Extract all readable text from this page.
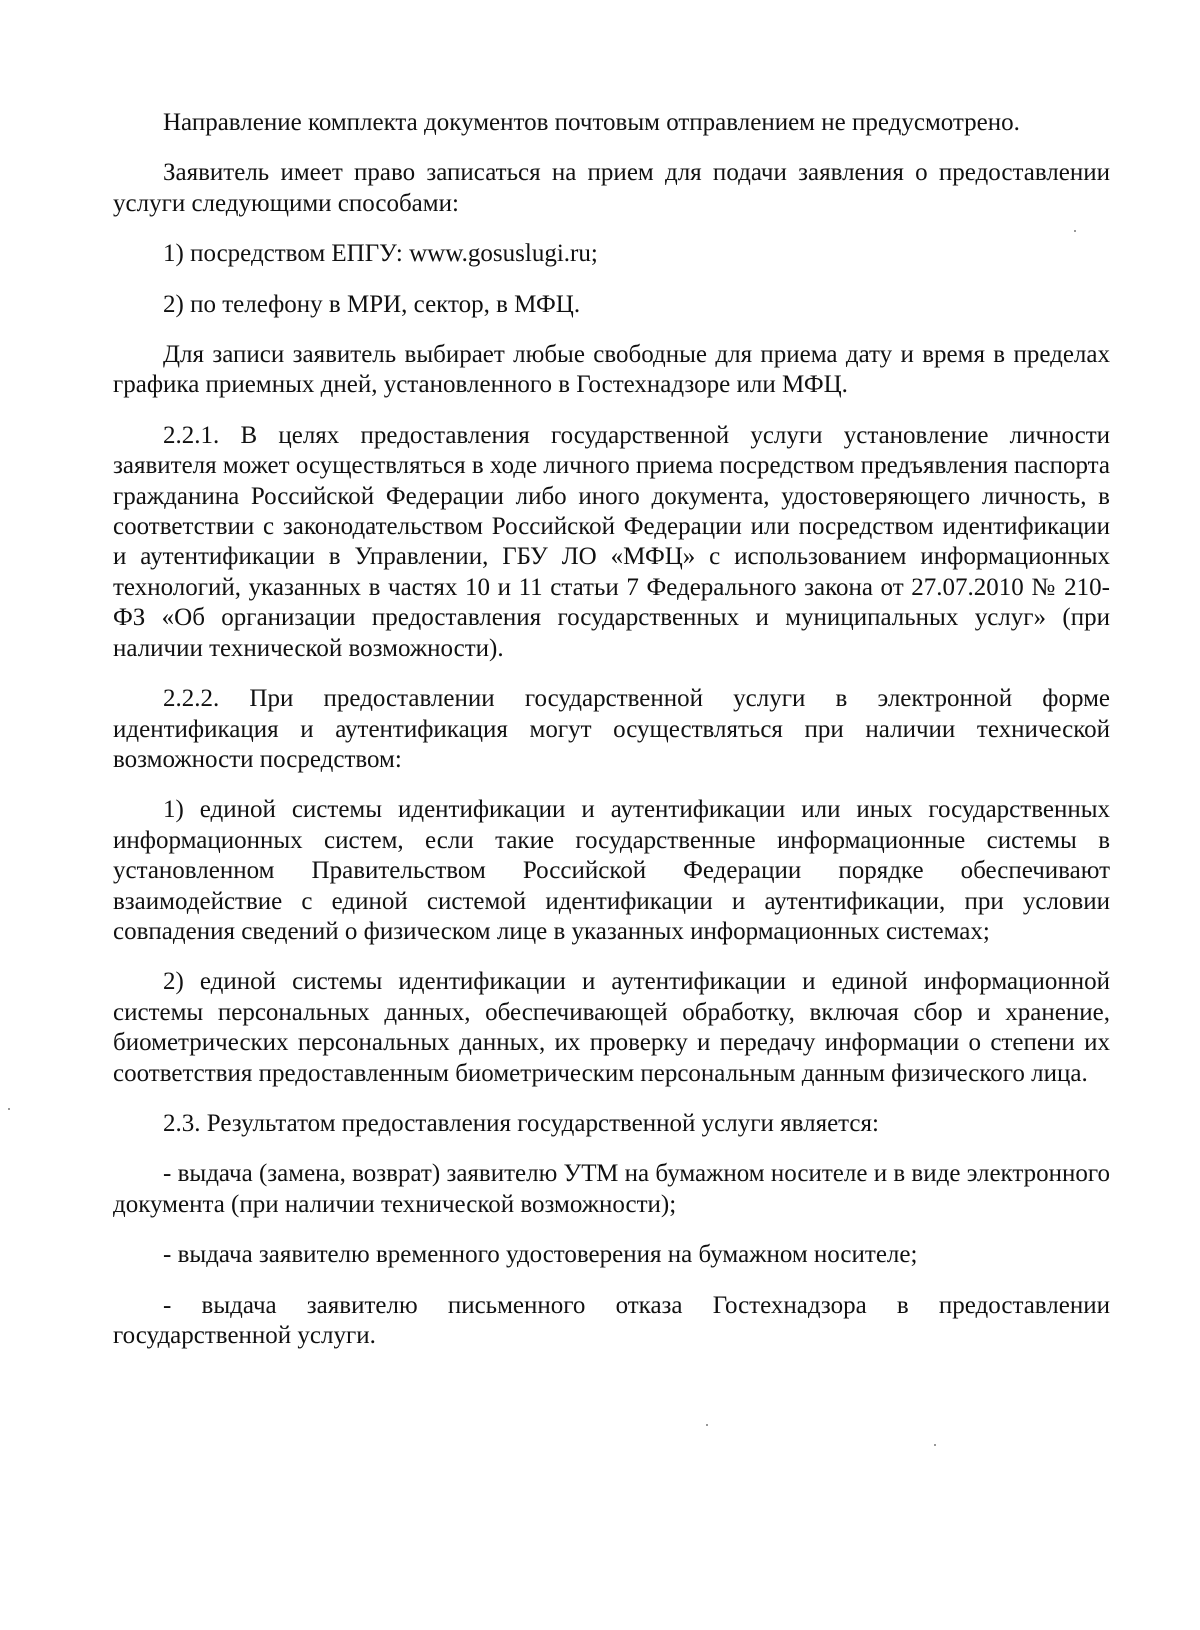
Направление комплекта документов почтовым отправлением не предусмотрено.

Заявитель имеет право записаться на прием для подачи заявления о предоставлении услуги следующими способами:

1) посредством ЕПГУ: www.gosuslugi.ru;

2) по телефону в МРИ, сектор, в МФЦ.

Для записи заявитель выбирает любые свободные для приема дату и время в пределах графика приемных дней, установленного в Гостехнадзоре или МФЦ.

2.2.1. В целях предоставления государственной услуги установление личности заявителя может осуществляться в ходе личного приема посредством предъявления паспорта гражданина Российской Федерации либо иного документа, удостоверяющего личность, в соответствии с законодательством Российской Федерации или посредством идентификации и аутентификации в Управлении, ГБУ ЛО «МФЦ» с использованием информационных технологий, указанных в частях 10 и 11 статьи 7 Федерального закона от 27.07.2010 № 210-ФЗ «Об организации предоставления государственных и муниципальных услуг» (при наличии технической возможности).

2.2.2. При предоставлении государственной услуги в электронной форме идентификация и аутентификация могут осуществляться при наличии технической возможности посредством:

1) единой системы идентификации и аутентификации или иных государственных информационных систем, если такие государственные информационные системы в установленном Правительством Российской Федерации порядке обеспечивают взаимодействие с единой системой идентификации и аутентификации, при условии совпадения сведений о физическом лице в указанных информационных системах;

2) единой системы идентификации и аутентификации и единой информационной системы персональных данных, обеспечивающей обработку, включая сбор и хранение, биометрических персональных данных, их проверку и передачу информации о степени их соответствия предоставленным биометрическим персональным данным физического лица.

2.3. Результатом предоставления государственной услуги является:

- выдача (замена, возврат) заявителю УТМ на бумажном носителе и в виде электронного документа (при наличии технической возможности);

- выдача заявителю временного удостоверения на бумажном носителе;

- выдача заявителю письменного отказа Гостехнадзора в предоставлении государственной услуги.
